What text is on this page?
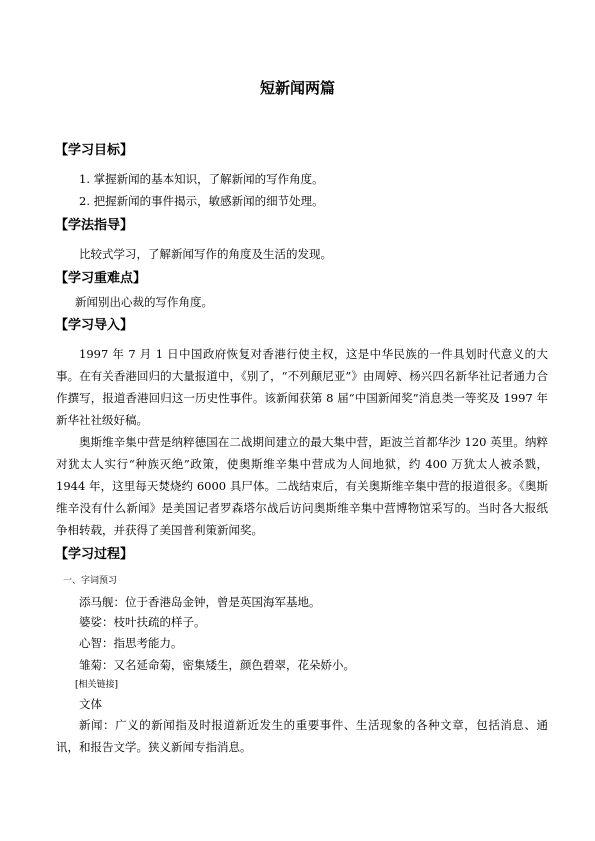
短新闻两篇
【学习目标】
1. 掌握新闻的基本知识，了解新闻的写作角度。
2. 把握新闻的事件揭示，敏感新闻的细节处理。
【学法指导】
比较式学习，了解新闻写作的角度及生活的发现。
【学习重难点】
新闻别出心裁的写作角度。
【学习导入】

1997 年 7 月 1 日中国政府恢复对香港行使主权，这是中华民族的一件具划时代意义的大事。在有关香港回归的大量报道中，《别了，“不列颠尼亚”》由周婷、杨兴四名新华社记者通力合作撰写，报道香港回归这一历史性事件。该新闻获第 8 届“中国新闻奖”消息类一等奖及 1997 年新华社社级好稿。

奥斯维辛集中营是纳粹德国在二战期间建立的最大集中营，距波兰首都华沙 120 英里。纳粹对犹太人实行“种族灭绝”政策，使奥斯维辛集中营成为人间地狱，约 400 万犹太人被杀戮，1944 年，这里每天焚烧约 6000 具尸体。二战结束后，有关奥斯维辛集中营的报道很多。《奥斯维辛没有什么新闻》是美国记者罗森塔尔战后访问奥斯维辛集中营博物馆采写的。当时各大报纸争相转载，并获得了美国普利策新闻奖。

【学习过程】
一、字词预习
添马舰：位于香港岛金钟，曾是英国海军基地。
婆娑：枝叶扶疏的样子。
心智：指思考能力。
雏菊：又名延命菊，密集矮生，颜色碧翠，花朵娇小。
[相关链接]
文体

新闻：广义的新闻指及时报道新近发生的重要事件、生活现象的各种文章，包括消息、通讯，和报告文学。狭义新闻专指消息。
